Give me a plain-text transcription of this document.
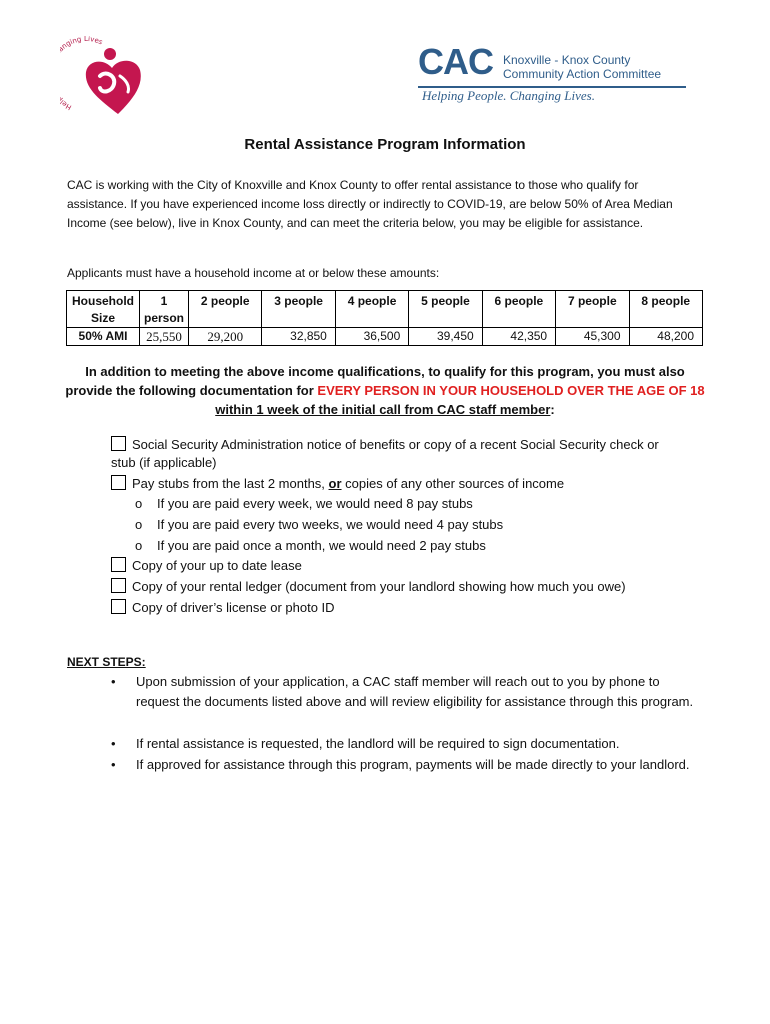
He nging Lives	CAC Knoxville - Knox County
Community Action Committee
Helping People. Changing Lives.
Rental Assistance Program Information
CAC is working with the City of Knoxville and Knox County to offer rental assistance to those who qualify for assistance. If you have experienced income loss directly or indirectly to COVID-19, are below 50% of Area Median Income (see below), live in Knox County, and can meet the criteria below, you may be eligible for assistance.
Applicants must have a household income at or below these amounts:
Household Size	1 person	2 people	3 people	4 people	5 people	6 people	7 people	8 people
50% AMI	25,550	29,200	32,850	36,500	39,450	42,350	45,300	48,200
In addition to meeting the above income qualifications, to qualify for this program, you must also provide the following documentation for EVERY PERSON IN YOUR HOUSEHOLD OVER THE AGE OF 18
within 1 week of the initial call from CAC staff member:
Social Security Administration notice of benefits or copy of a recent Social Security check or
stub (if applicable)
Pay stubs from the last 2 months, or copies of any other sources of income
o If you are paid every week, we would need 8 pay stubs
o If you are paid every two weeks, we would need 4 pay stubs
o If you are paid once a month, we would need 2 pay stubs
Copy of your up to date lease
Copy of your rental ledger (document from your landlord showing how much you owe)
Copy of driver’s license or photo ID
NEXT STEPS:
•	Upon submission of your application, a CAC staff member will reach out to you by phone to request the documents listed above and will review eligibility for assistance through this program.
•	If rental assistance is requested, the landlord will be required to sign documentation.
•	If approved for assistance through this program, payments will be made directly to your landlord.
